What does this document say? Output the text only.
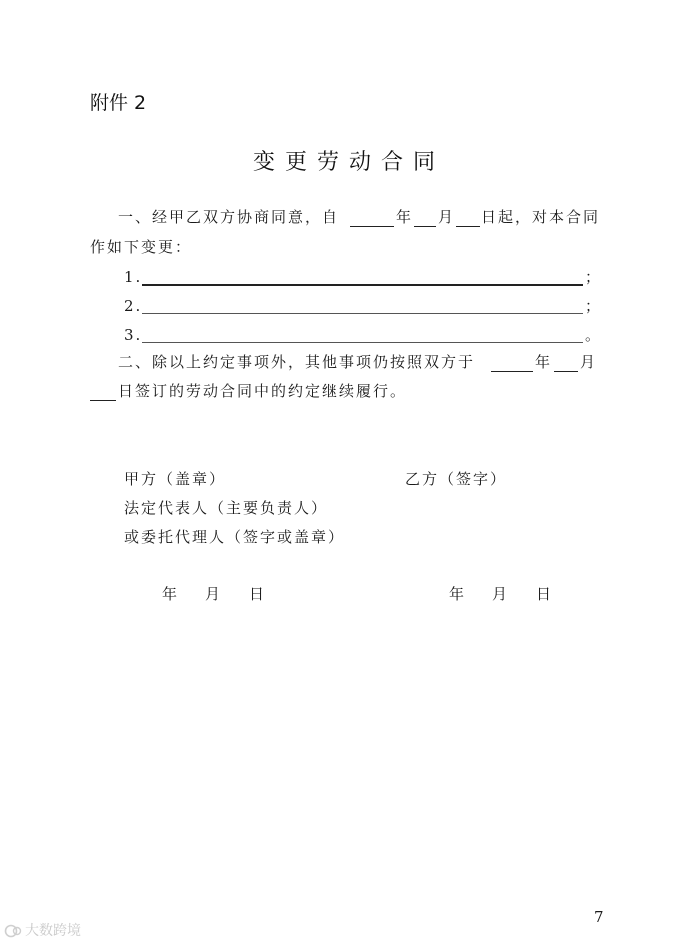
附件 2
变更劳动合同
一、经甲乙双方协商同意，自	年 月 日起，对本合同
作如下变更：
1.	；
2.	；
3.	。
二、除以上约定事项外，其他事项仍按照双方于	年 月
日签订的劳动合同中的约定继续履行。
甲方（盖章）	乙方（签字）
法定代表人（主要负责人）
或委托代理人（签字或盖章）
年 月 日	年 月 日
7
大数跨境
